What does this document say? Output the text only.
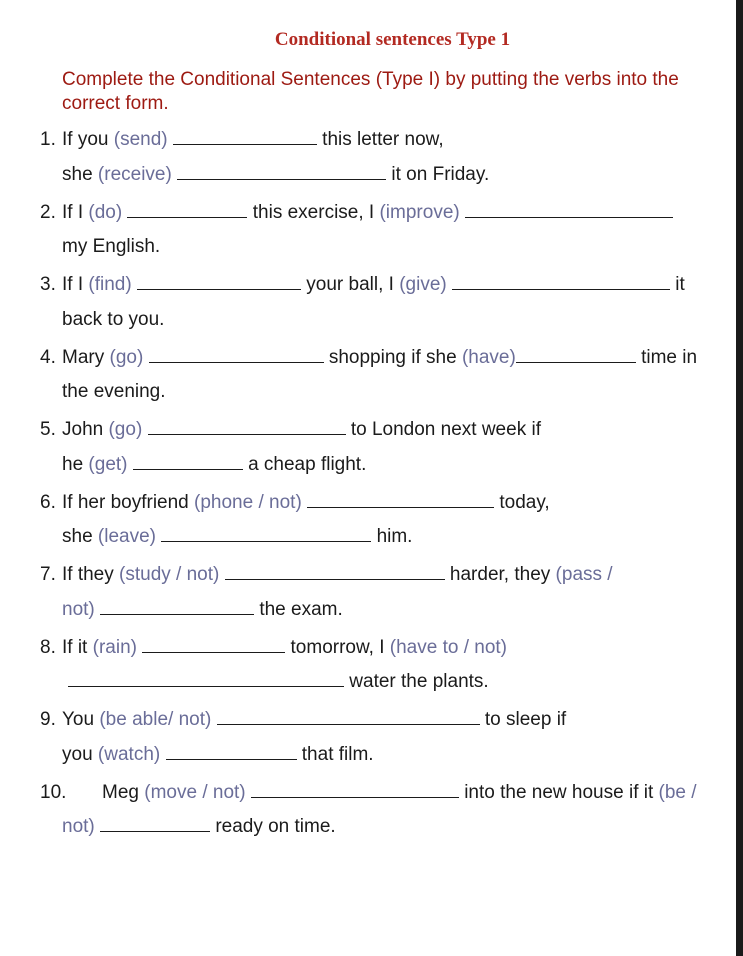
Conditional sentences Type 1
Complete the Conditional Sentences (Type I) by putting the verbs into the correct form.
1. If you (send)	this letter now,
she (receive)	it on Friday.
2. If I (do)	this exercise, I (improve)
my English.
3. If I (find)	your ball, I (give)	it
back to you.
4. Mary (go)	shopping if she (have)	time in
the evening.
5. John (go)	to London next week if
he (get)	a cheap flight.
6. If her boyfriend (phone / not)	today,
she (leave)	him.
7. If they (study / not)	harder, they (pass /
not)	the exam.
8. If it (rain)	tomorrow, I (have to / not)
water the plants.
9. You (be able/ not)	to sleep if
you (watch)	that film.
10. Meg (move / not)	into the new house if it (be /
not)	ready on time.
